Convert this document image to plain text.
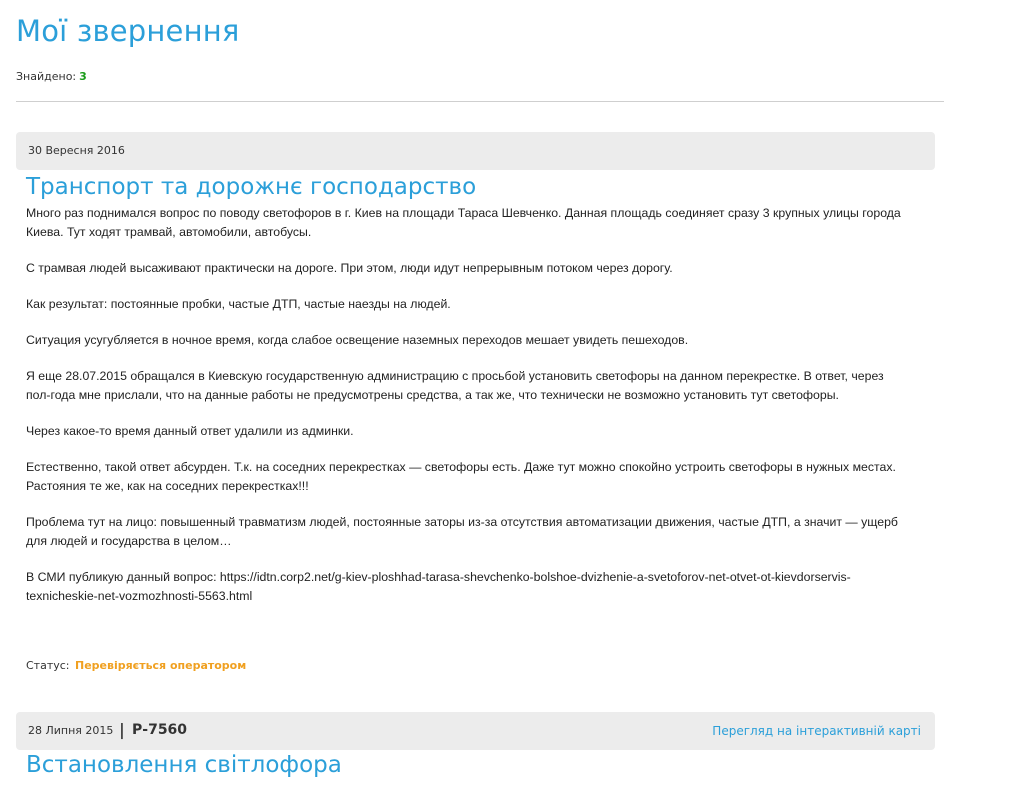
Мої звернення
Знайдено: 3
30 Вересня 2016
Транспорт та дорожнє господарство

Много раз поднимался вопрос по поводу светофоров в г. Киев на площади Тараса Шевченко. Данная площадь соединяет сразу 3 крупных улицы города Киева. Тут ходят трамвай, автомобили, автобусы.

С трамвая людей высаживают практически на дороге. При этом, люди идут непрерывным потоком через дорогу.

Как результат: постоянные пробки, частые ДТП, частые наезды на людей.

Ситуация усугубляется в ночное время, когда слабое освещение наземных переходов мешает увидеть пешеходов.

Я еще 28.07.2015 обращался в Киевскую государственную администрацию с просьбой установить светофоры на данном перекрестке. В ответ, через пол-года мне прислали, что на данные работы не предусмотрены средства, а так же, что технически не возможно установить тут светофоры.

Через какое-то время данный ответ удалили из админки.

Естественно, такой ответ абсурден. Т.к. на соседних перекрестках — светофоры есть. Даже тут можно спокойно устроить светофоры в нужных местах. Растояния те же, как на соседних перекрестках!!!

Проблема тут на лицо: повышенный травматизм людей, постоянные заторы из-за отсутствия автоматизации движения, частые ДТП, а значит — ущерб для людей и государства в целом…

В СМИ публикую данный вопрос: https://idtn.corp2.net/g-kiev-ploshhad-tarasa-shevchenko-bolshoe-dvizhenie-a-svetoforov-net-otvet-ot-kievdorservis-texnicheskie-net-vozmozhnosti-5563.html

Статус: Перевіряється оператором
28 Липня 2015 | Р-7560	Перегляд на інтерактивній карті
Встановлення світлофора
